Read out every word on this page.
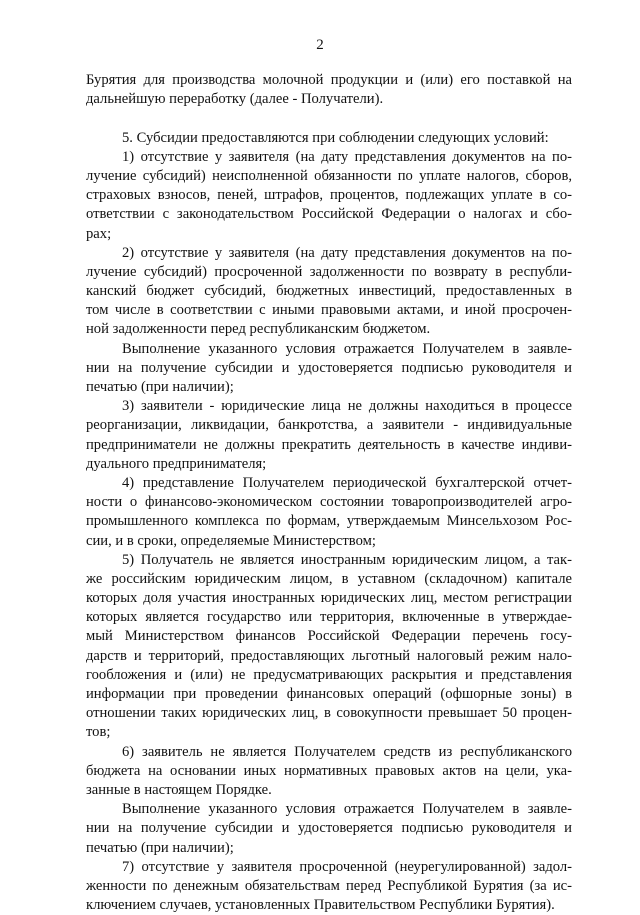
2
Бурятия для производства молочной продукции и (или) его поставкой на
дальнейшую переработку (далее - Получатели).
5. Субсидии предоставляются при соблюдении следующих условий:
1) отсутствие у заявителя (на дату представления документов на по-
лучение субсидий) неисполненной обязанности по уплате налогов, сборов,
страховых взносов, пеней, штрафов, процентов, подлежащих уплате в со-
ответствии с законодательством Российской Федерации о налогах и сбо-
рах;
2) отсутствие у заявителя (на дату представления документов на по-
лучение субсидий) просроченной задолженности по возврату в республи-
канский бюджет субсидий, бюджетных инвестиций, предоставленных в
том числе в соответствии с иными правовыми актами, и иной просрочен-
ной задолженности перед республиканским бюджетом.
Выполнение указанного условия отражается Получателем в заявле-
нии на получение субсидии и удостоверяется подписью руководителя и
печатью (при наличии);
3) заявители - юридические лица не должны находиться в процессе
реорганизации, ликвидации, банкротства, а заявители - индивидуальные
предприниматели не должны прекратить деятельность в качестве индиви-
дуального предпринимателя;
4) представление Получателем периодической бухгалтерской отчет-
ности о финансово-экономическом состоянии товаропроизводителей агро-
промышленного комплекса по формам, утверждаемым Минсельхозом Рос-
сии, и в сроки, определяемые Министерством;
5) Получатель не является иностранным юридическим лицом, а так-
же российским юридическим лицом, в уставном (складочном) капитале
которых доля участия иностранных юридических лиц, местом регистрации
которых является государство или территория, включенные в утверждае-
мый Министерством финансов Российской Федерации перечень госу-
дарств и территорий, предоставляющих льготный налоговый режим нало-
гообложения и (или) не предусматривающих раскрытия и представления
информации при проведении финансовых операций (офшорные зоны) в
отношении таких юридических лиц, в совокупности превышает 50 процен-
тов;
6) заявитель не является Получателем средств из республиканского
бюджета на основании иных нормативных правовых актов на цели, ука-
занные в настоящем Порядке.
Выполнение указанного условия отражается Получателем в заявле-
нии на получение субсидии и удостоверяется подписью руководителя и
печатью (при наличии);
7) отсутствие у заявителя просроченной (неурегулированной) задол-
женности по денежным обязательствам перед Республикой Бурятия (за ис-
ключением случаев, установленных Правительством Республики Бурятия).
